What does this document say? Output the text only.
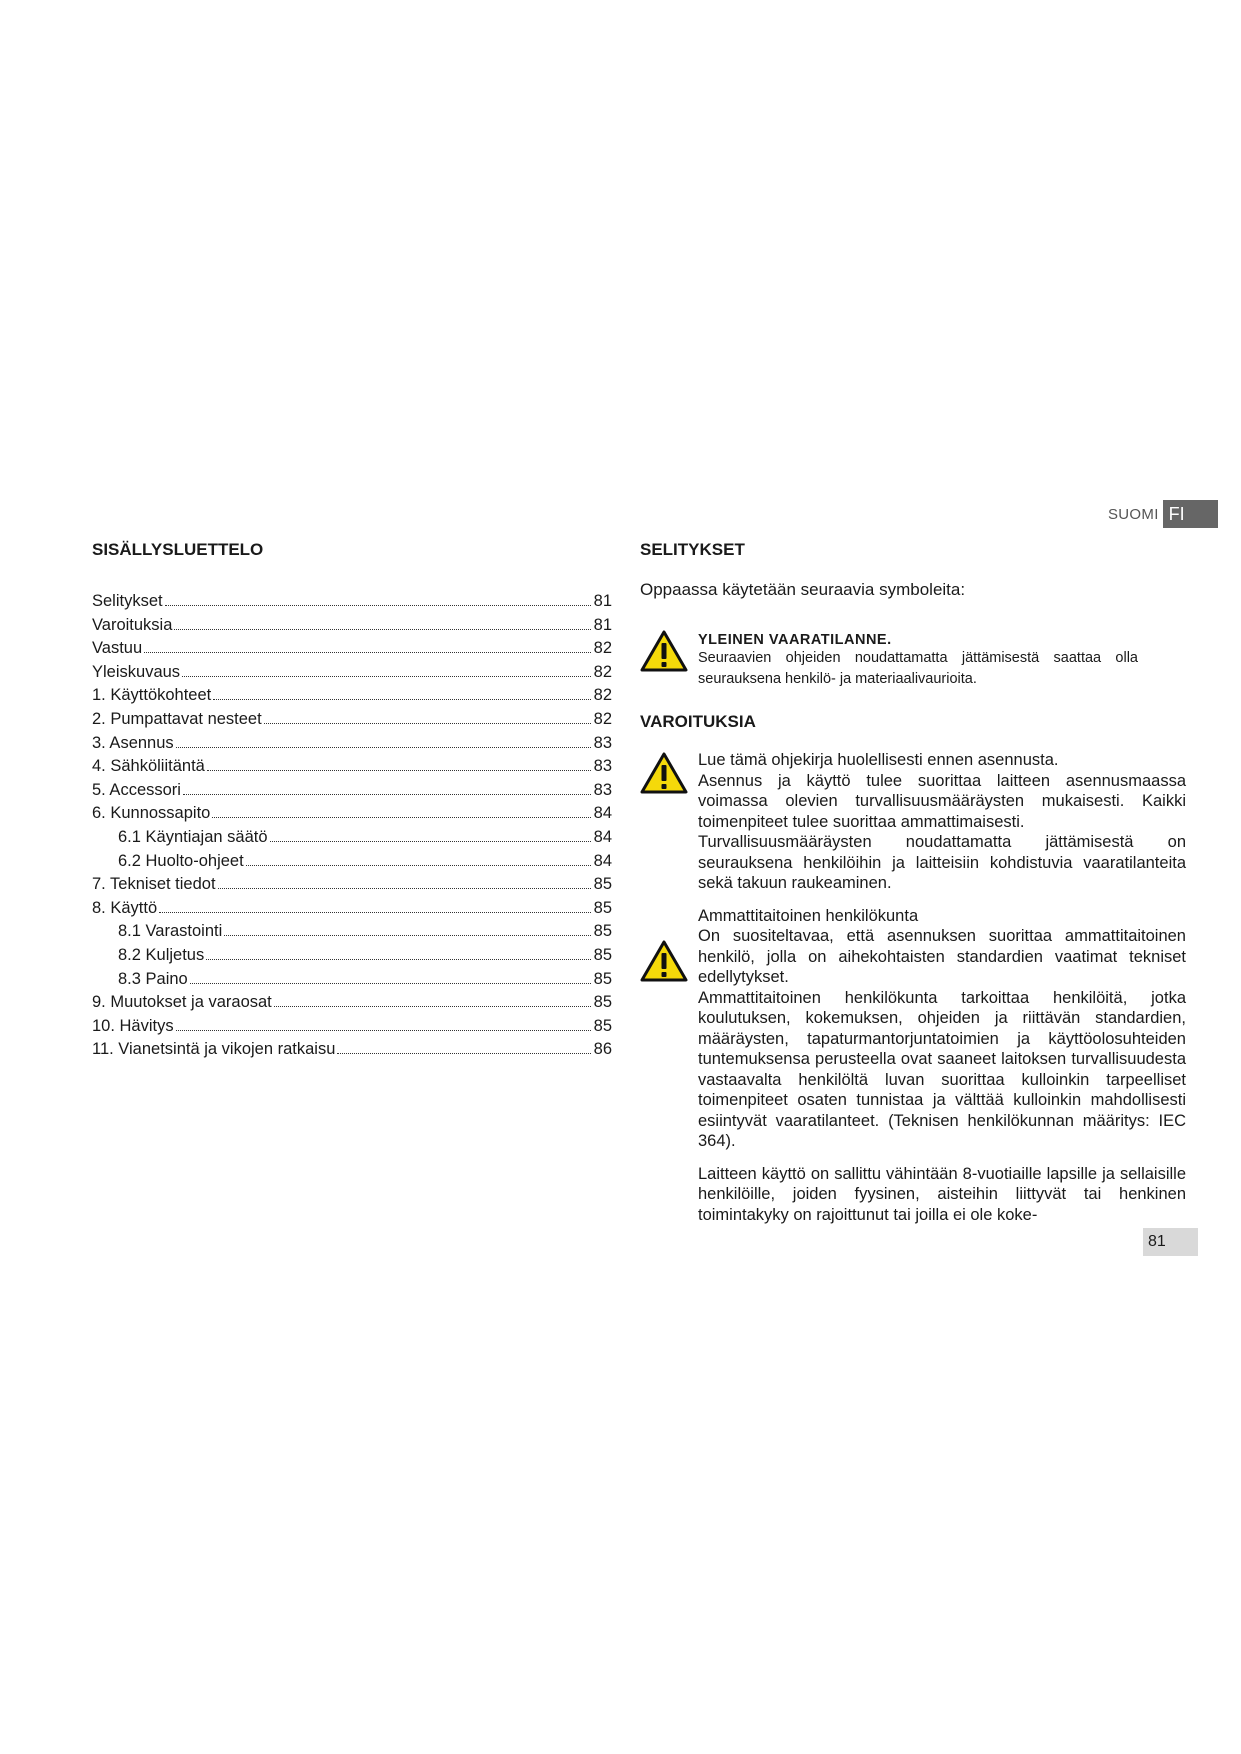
SUOMI FI
SISÄLLYSLUETTELO
Selitykset	81
Varoituksia	81
Vastuu	82
Yleiskuvaus	82
1. Käyttökohteet	82
2. Pumpattavat nesteet	82
3. Asennus	83
4. Sähköliitäntä	83
5. Accessori	83
6. Kunnossapito	84
6.1 Käyntiajan säätö	84
6.2 Huolto-ohjeet	84
7. Tekniset tiedot	85
8. Käyttö	85
8.1 Varastointi	85
8.2 Kuljetus	85
8.3 Paino	85
9. Muutokset ja varaosat	85
10. Hävitys	85
11. Vianetsintä ja vikojen ratkaisu	86
SELITYKSET

Oppaassa käytetään seuraavia symboleita:

YLEINEN VAARATILANNE.
Seuraavien ohjeiden noudattamatta jättämisestä saattaa olla seurauksena henkilö- ja materiaalivaurioita.
VAROITUKSIA

Lue tämä ohjekirja huolellisesti ennen asennusta.

Asennus ja käyttö tulee suorittaa laitteen asennusmaassa voimassa olevien turvallisuusmääräysten mukaisesti. Kaikki toimenpiteet tulee suorittaa ammattimaisesti.

Turvallisuusmääräysten noudattamatta jättämisestä on seurauksena henkilöihin ja laitteisiin kohdistuvia vaaratilanteita sekä takuun raukeaminen.

Ammattitaitoinen henkilökunta

On suositeltavaa, että asennuksen suorittaa ammattitaitoinen henkilö, jolla on aihekohtaisten standardien vaatimat tekniset edellytykset.

Ammattitaitoinen henkilökunta tarkoittaa henkilöitä, jotka koulutuksen, kokemuksen, ohjeiden ja riittävän standardien, määräysten, tapaturmantorjuntatoimien ja käyttöolosuhteiden tuntemuksensa perusteella ovat saaneet laitoksen turvallisuudesta vastaavalta henkilöltä luvan suorittaa kulloinkin tarpeelliset toimenpiteet osaten tunnistaa ja välttää kulloinkin mahdollisesti esiintyvät vaaratilanteet. (Teknisen henkilökunnan määritys: IEC 364).

Laitteen käyttö on sallittu vähintään 8-vuotiaille lapsille ja sellaisille henkilöille, joiden fyysinen, aisteihin liittyvät tai henkinen toimintakyky on rajoittunut tai joilla ei ole koke-

81
